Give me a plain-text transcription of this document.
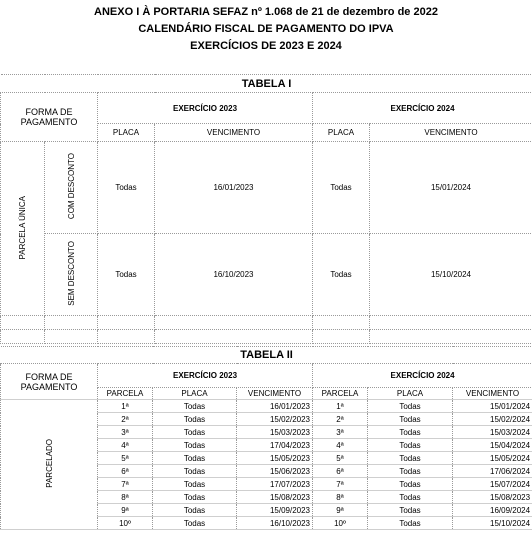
ANEXO I À PORTARIA SEFAZ nº 1.068 de 21 de dezembro de 2022
CALENDÁRIO FISCAL DE PAGAMENTO DO IPVA
EXERCÍCIOS DE 2023 E 2024
TABELA I					
FORMA DE PAGAMENTO		EXERCÍCIO 2023		EXERCÍCIO 2024	
		PLACA	VENCIMENTO	PLACA	VENCIMENTO
PARCELA ÚNICA	COM DESCONTO	Todas	16/01/2023	Todas	15/01/2024
	SEM DESCONTO	Todas	16/10/2023	Todas	15/10/2024

TABELA II						
FORMA DE PAGAMENTO	EXERCÍCIO 2023			EXERCÍCIO 2024		
	PARCELA	PLACA	VENCIMENTO	PARCELA	PLACA	VENCIMENTO
PARCELADO	1ª	Todas	16/01/2023	1ª	Todas	15/01/2024
	2ª	Todas	15/02/2023	2ª	Todas	15/02/2024
	3ª	Todas	15/03/2023	3ª	Todas	15/03/2024
	4ª	Todas	17/04/2023	4ª	Todas	15/04/2024
	5ª	Todas	15/05/2023	5ª	Todas	15/05/2024
	6ª	Todas	15/06/2023	6ª	Todas	17/06/2024
	7ª	Todas	17/07/2023	7ª	Todas	15/07/2024
	8ª	Todas	15/08/2023	8ª	Todas	15/08/2023
	9ª	Todas	15/09/2023	9ª	Todas	16/09/2024
	10º	Todas	16/10/2023	10º	Todas	15/10/2024
